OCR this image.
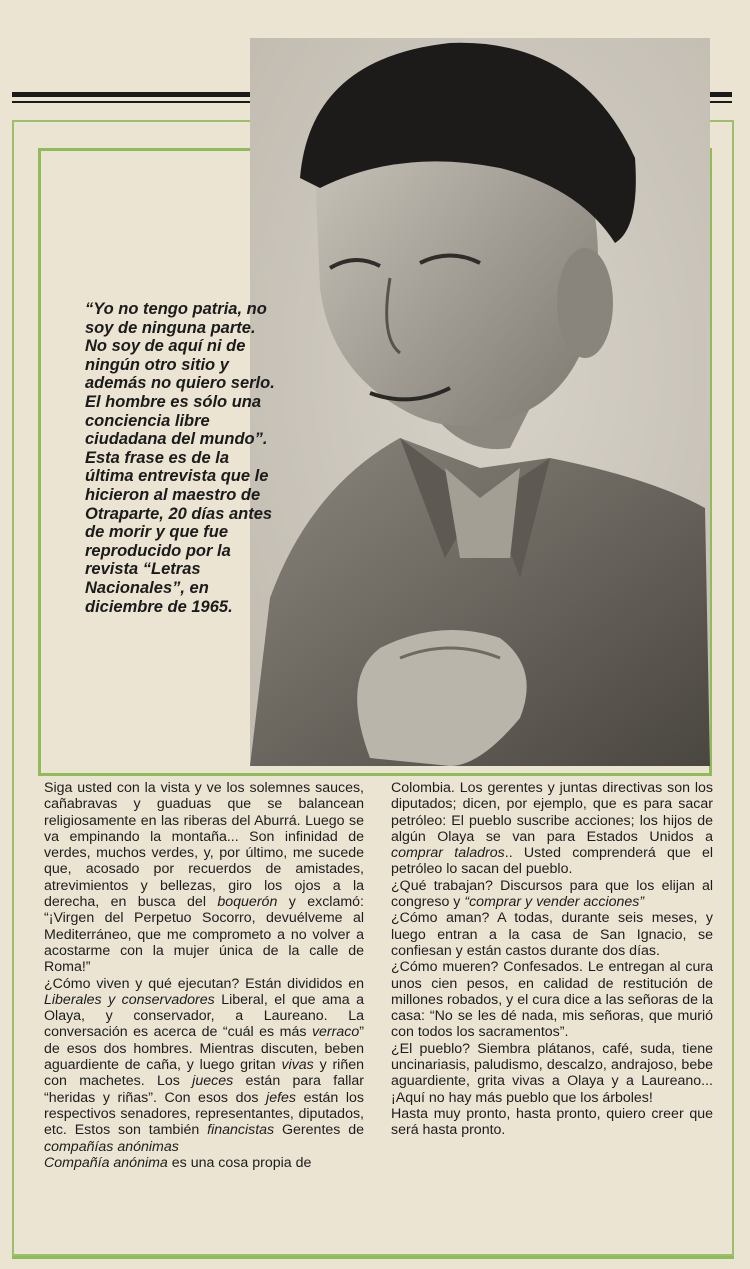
“Yo no tengo patria, no soy de ninguna parte. No soy de aquí ni de ningún otro sitio y además no quiero serlo. El hombre es sólo una conciencia libre ciudadana del mundo”. Esta frase es de la última entrevista que le hicieron al maestro de Otraparte, 20 días antes de morir y que fue reproducido por la revista “Letras Nacionales”, en diciembre de 1965.

Siga usted con la vista y ve los solemnes sauces, cañabravas y guaduas que se balancean religiosamente en las riberas del Aburrá. Luego se va empinando la montaña... Son infinidad de verdes, muchos verdes, y, por último, me sucede que, acosado por recuerdos de amistades, atrevimientos y bellezas, giro los ojos a la derecha, en busca del boquerón y exclamó: “¡Virgen del Perpetuo Socorro, devuélveme al Mediterráneo, que me comprometo a no volver a acostarme con la mujer única de la calle de Roma!”

¿Cómo viven y qué ejecutan? Están divididos en Liberales y conservadores Liberal, el que ama a Olaya, y conservador, a Laureano. La conversación es acerca de “cuál es más verraco” de esos dos hombres. Mientras discuten, beben aguardiente de caña, y luego gritan vivas y riñen con machetes. Los jueces están para fallar “heridas y riñas”. Con esos dos jefes están los respectivos senadores, representantes, diputados, etc. Estos son también financistas Gerentes de compañías anónimas

Compañía anónima es una cosa propia de

Colombia. Los gerentes y juntas directivas son los diputados; dicen, por ejemplo, que es para sacar petróleo: El pueblo suscribe acciones; los hijos de algún Olaya se van para Estados Unidos a comprar taladros.. Usted comprenderá que el petróleo lo sacan del pueblo.

¿Qué trabajan? Discursos para que los elijan al congreso y “comprar y vender acciones”

¿Cómo aman? A todas, durante seis meses, y luego entran a la casa de San Ignacio, se confiesan y están castos durante dos días.

¿Cómo mueren? Confesados. Le entregan al cura unos cien pesos, en calidad de restitución de millones robados, y el cura dice a las señoras de la casa: “No se les dé nada, mis señoras, que murió con todos los sacramentos”.

¿El pueblo? Siembra plátanos, café, suda, tiene uncinariasis, paludismo, descalzo, andrajoso, bebe aguardiente, grita vivas a Olaya y a Laureano... ¡Aquí no hay más pueblo que los árboles!

Hasta muy pronto, hasta pronto, quiero creer que será hasta pronto.
